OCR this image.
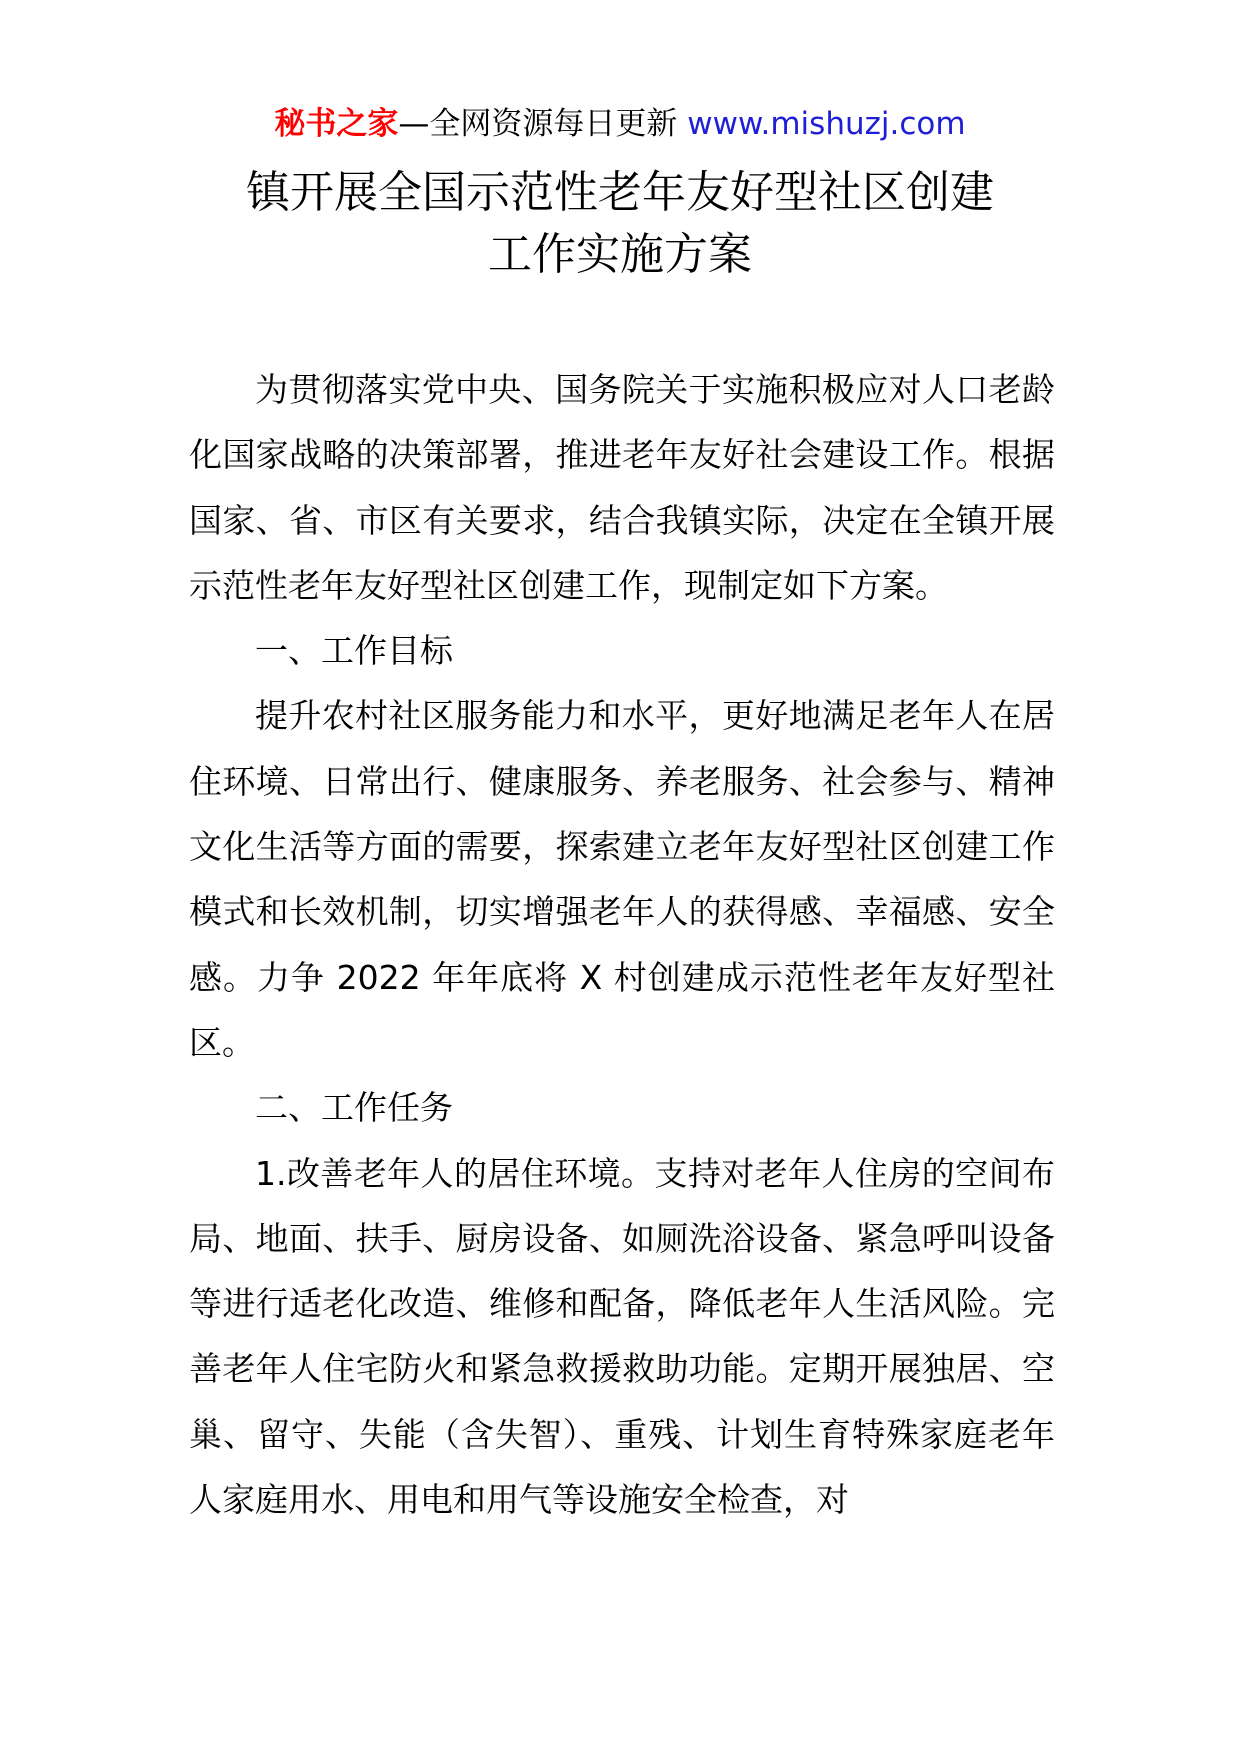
秘书之家—全网资源每日更新 www.mishuzj.com
镇开展全国示范性老年友好型社区创建
工作实施方案

为贯彻落实党中央、国务院关于实施积极应对人口老龄化国家战略的决策部署，推进老年友好社会建设工作。根据国家、省、市区有关要求，结合我镇实际，决定在全镇开展示范性老年友好型社区创建工作，现制定如下方案。

一、工作目标

提升农村社区服务能力和水平，更好地满足老年人在居住环境、日常出行、健康服务、养老服务、社会参与、精神文化生活等方面的需要，探索建立老年友好型社区创建工作模式和长效机制，切实增强老年人的获得感、幸福感、安全感。力争 2022 年年底将 X 村创建成示范性老年友好型社区。

二、工作任务

1.改善老年人的居住环境。支持对老年人住房的空间布局、地面、扶手、厨房设备、如厕洗浴设备、紧急呼叫设备等进行适老化改造、维修和配备，降低老年人生活风险。完善老年人住宅防火和紧急救援救助功能。定期开展独居、空巢、留守、失能（含失智）、重残、计划生育特殊家庭老年人家庭用水、用电和用气等设施安全检查，对
